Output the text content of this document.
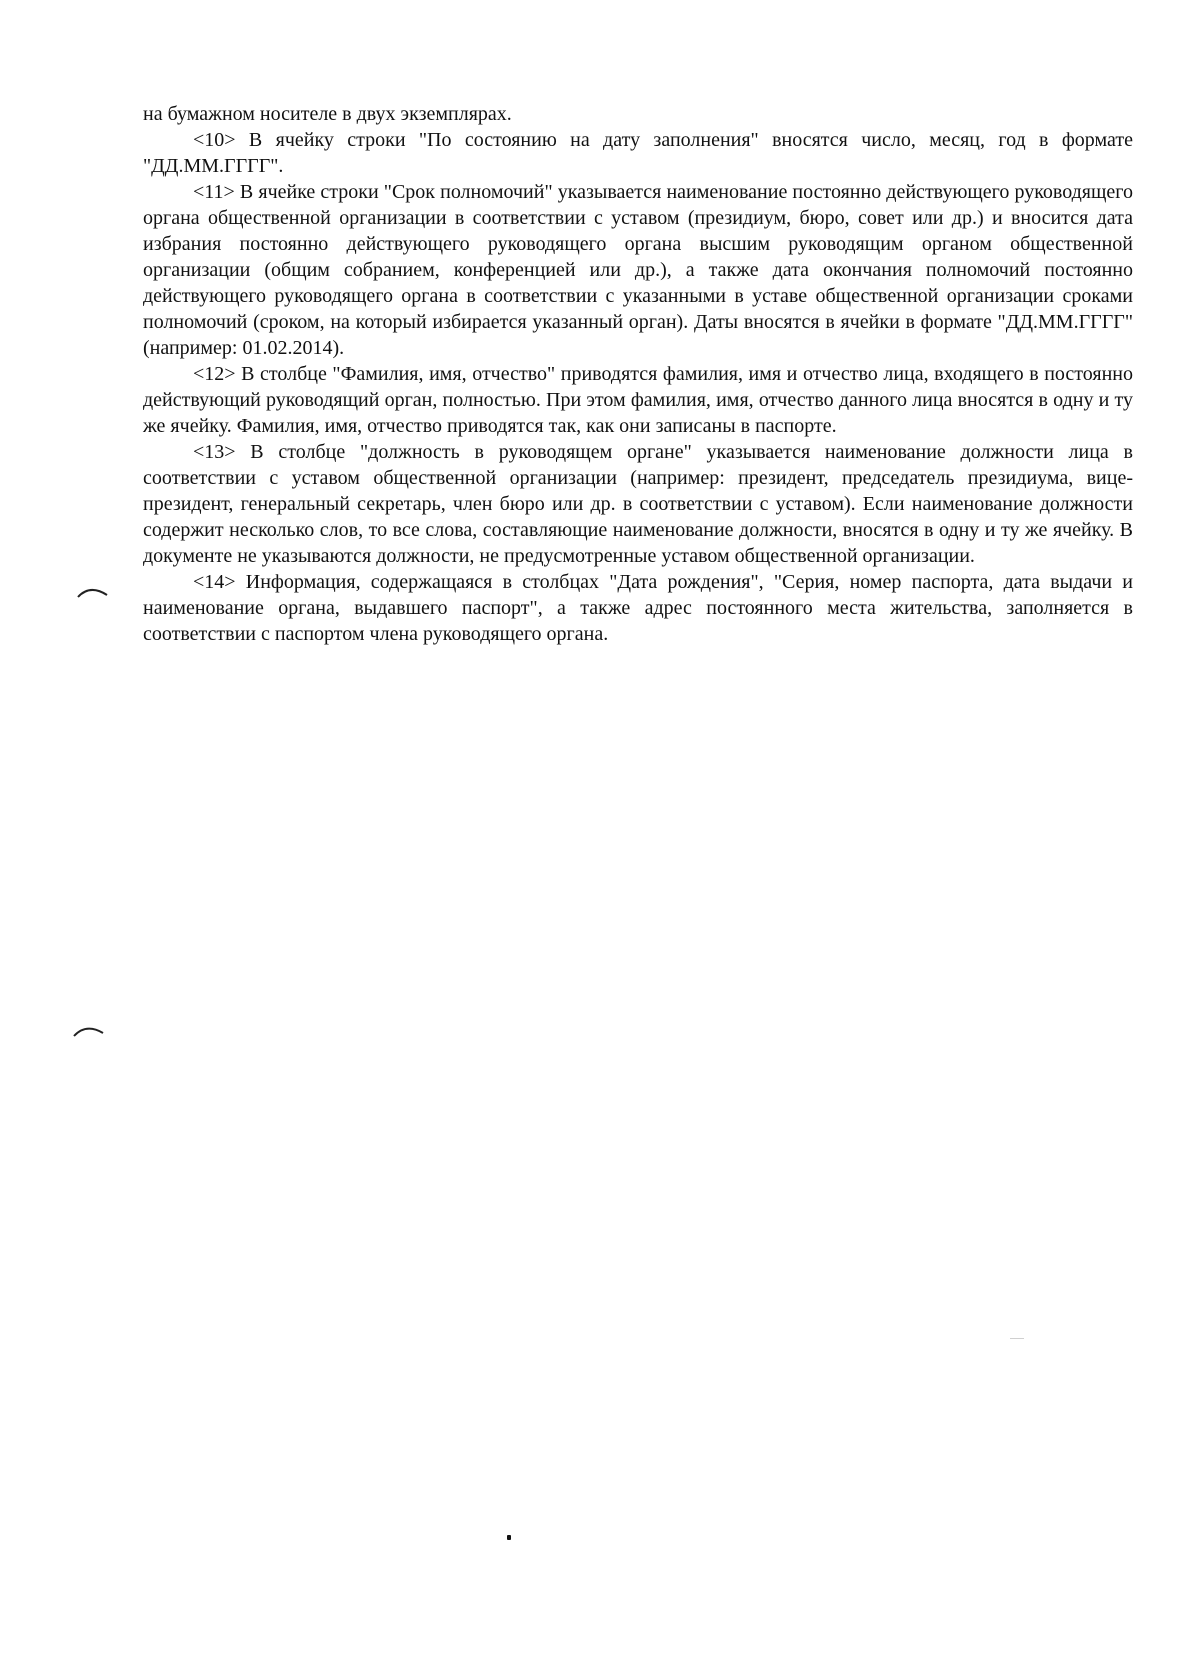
на бумажном носителе в двух экземплярах.

<10> В ячейку строки "По состоянию на дату заполнения" вносятся число, месяц, год в формате "ДД.ММ.ГГГГ".

<11> В ячейке строки "Срок полномочий" указывается наименование постоянно действующего руководящего органа общественной организации в соответствии с уставом (президиум, бюро, совет или др.) и вносится дата избрания постоянно действующего руководящего органа высшим руководящим органом общественной организации (общим собранием, конференцией или др.), а также дата окончания полномочий постоянно действующего руководящего органа в соответствии с указанными в уставе общественной организации сроками полномочий (сроком, на который избирается указанный орган). Даты вносятся в ячейки в формате "ДД.ММ.ГГГГ" (например: 01.02.2014).

<12> В столбце "Фамилия, имя, отчество" приводятся фамилия, имя и отчество лица, входящего в постоянно действующий руководящий орган, полностью. При этом фамилия, имя, отчество данного лица вносятся в одну и ту же ячейку. Фамилия, имя, отчество приводятся так, как они записаны в паспорте.

<13> В столбце "должность в руководящем органе" указывается наименование должности лица в соответствии с уставом общественной организации (например: президент, председатель президиума, вице-президент, генеральный секретарь, член бюро или др. в соответствии с уставом). Если наименование должности содержит несколько слов, то все слова, составляющие наименование должности, вносятся в одну и ту же ячейку. В документе не указываются должности, не предусмотренные уставом общественной организации.

<14> Информация, содержащаяся в столбцах "Дата рождения", "Серия, номер паспорта, дата выдачи и наименование органа, выдавшего паспорт", а также адрес постоянного места жительства, заполняется в соответствии с паспортом члена руководящего органа.
